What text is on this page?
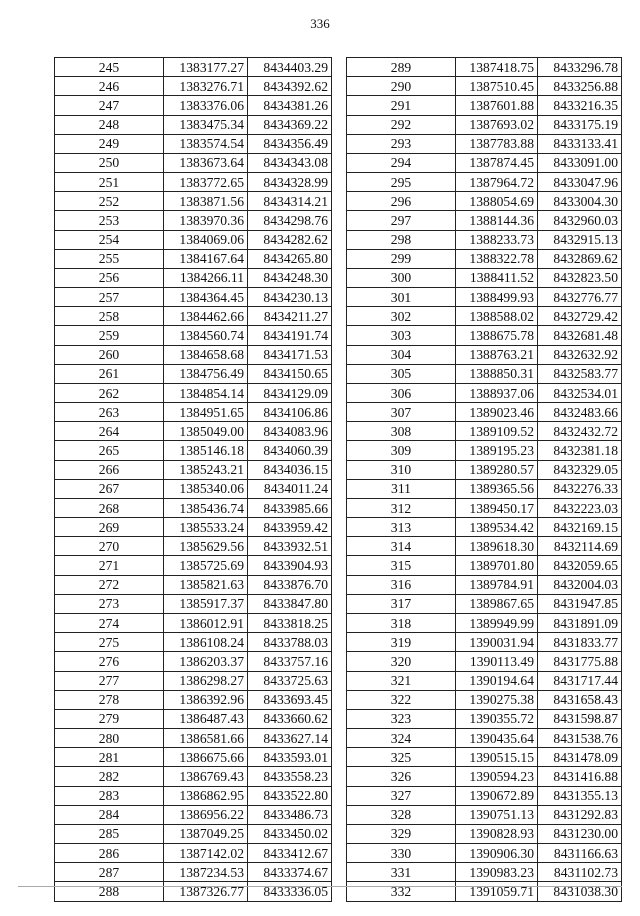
336
245	1383177.27	8434403.29
246	1383276.71	8434392.62
247	1383376.06	8434381.26
248	1383475.34	8434369.22
249	1383574.54	8434356.49
250	1383673.64	8434343.08
251	1383772.65	8434328.99
252	1383871.56	8434314.21
253	1383970.36	8434298.76
254	1384069.06	8434282.62
255	1384167.64	8434265.80
256	1384266.11	8434248.30
257	1384364.45	8434230.13
258	1384462.66	8434211.27
259	1384560.74	8434191.74
260	1384658.68	8434171.53
261	1384756.49	8434150.65
262	1384854.14	8434129.09
263	1384951.65	8434106.86
264	1385049.00	8434083.96
265	1385146.18	8434060.39
266	1385243.21	8434036.15
267	1385340.06	8434011.24
268	1385436.74	8433985.66
269	1385533.24	8433959.42
270	1385629.56	8433932.51
271	1385725.69	8433904.93
272	1385821.63	8433876.70
273	1385917.37	8433847.80
274	1386012.91	8433818.25
275	1386108.24	8433788.03
276	1386203.37	8433757.16
277	1386298.27	8433725.63
278	1386392.96	8433693.45
279	1386487.43	8433660.62
280	1386581.66	8433627.14
281	1386675.66	8433593.01
282	1386769.43	8433558.23
283	1386862.95	8433522.80
284	1386956.22	8433486.73
285	1387049.25	8433450.02
286	1387142.02	8433412.67
287	1387234.53	8433374.67
288	1387326.77	8433336.05
289	1387418.75	8433296.78
290	1387510.45	8433256.88
291	1387601.88	8433216.35
292	1387693.02	8433175.19
293	1387783.88	8433133.41
294	1387874.45	8433091.00
295	1387964.72	8433047.96
296	1388054.69	8433004.30
297	1388144.36	8432960.03
298	1388233.73	8432915.13
299	1388322.78	8432869.62
300	1388411.52	8432823.50
301	1388499.93	8432776.77
302	1388588.02	8432729.42
303	1388675.78	8432681.48
304	1388763.21	8432632.92
305	1388850.31	8432583.77
306	1388937.06	8432534.01
307	1389023.46	8432483.66
308	1389109.52	8432432.72
309	1389195.23	8432381.18
310	1389280.57	8432329.05
311	1389365.56	8432276.33
312	1389450.17	8432223.03
313	1389534.42	8432169.15
314	1389618.30	8432114.69
315	1389701.80	8432059.65
316	1389784.91	8432004.03
317	1389867.65	8431947.85
318	1389949.99	8431891.09
319	1390031.94	8431833.77
320	1390113.49	8431775.88
321	1390194.64	8431717.44
322	1390275.38	8431658.43
323	1390355.72	8431598.87
324	1390435.64	8431538.76
325	1390515.15	8431478.09
326	1390594.23	8431416.88
327	1390672.89	8431355.13
328	1390751.13	8431292.83
329	1390828.93	8431230.00
330	1390906.30	8431166.63
331	1390983.23	8431102.73
332	1391059.71	8431038.30
